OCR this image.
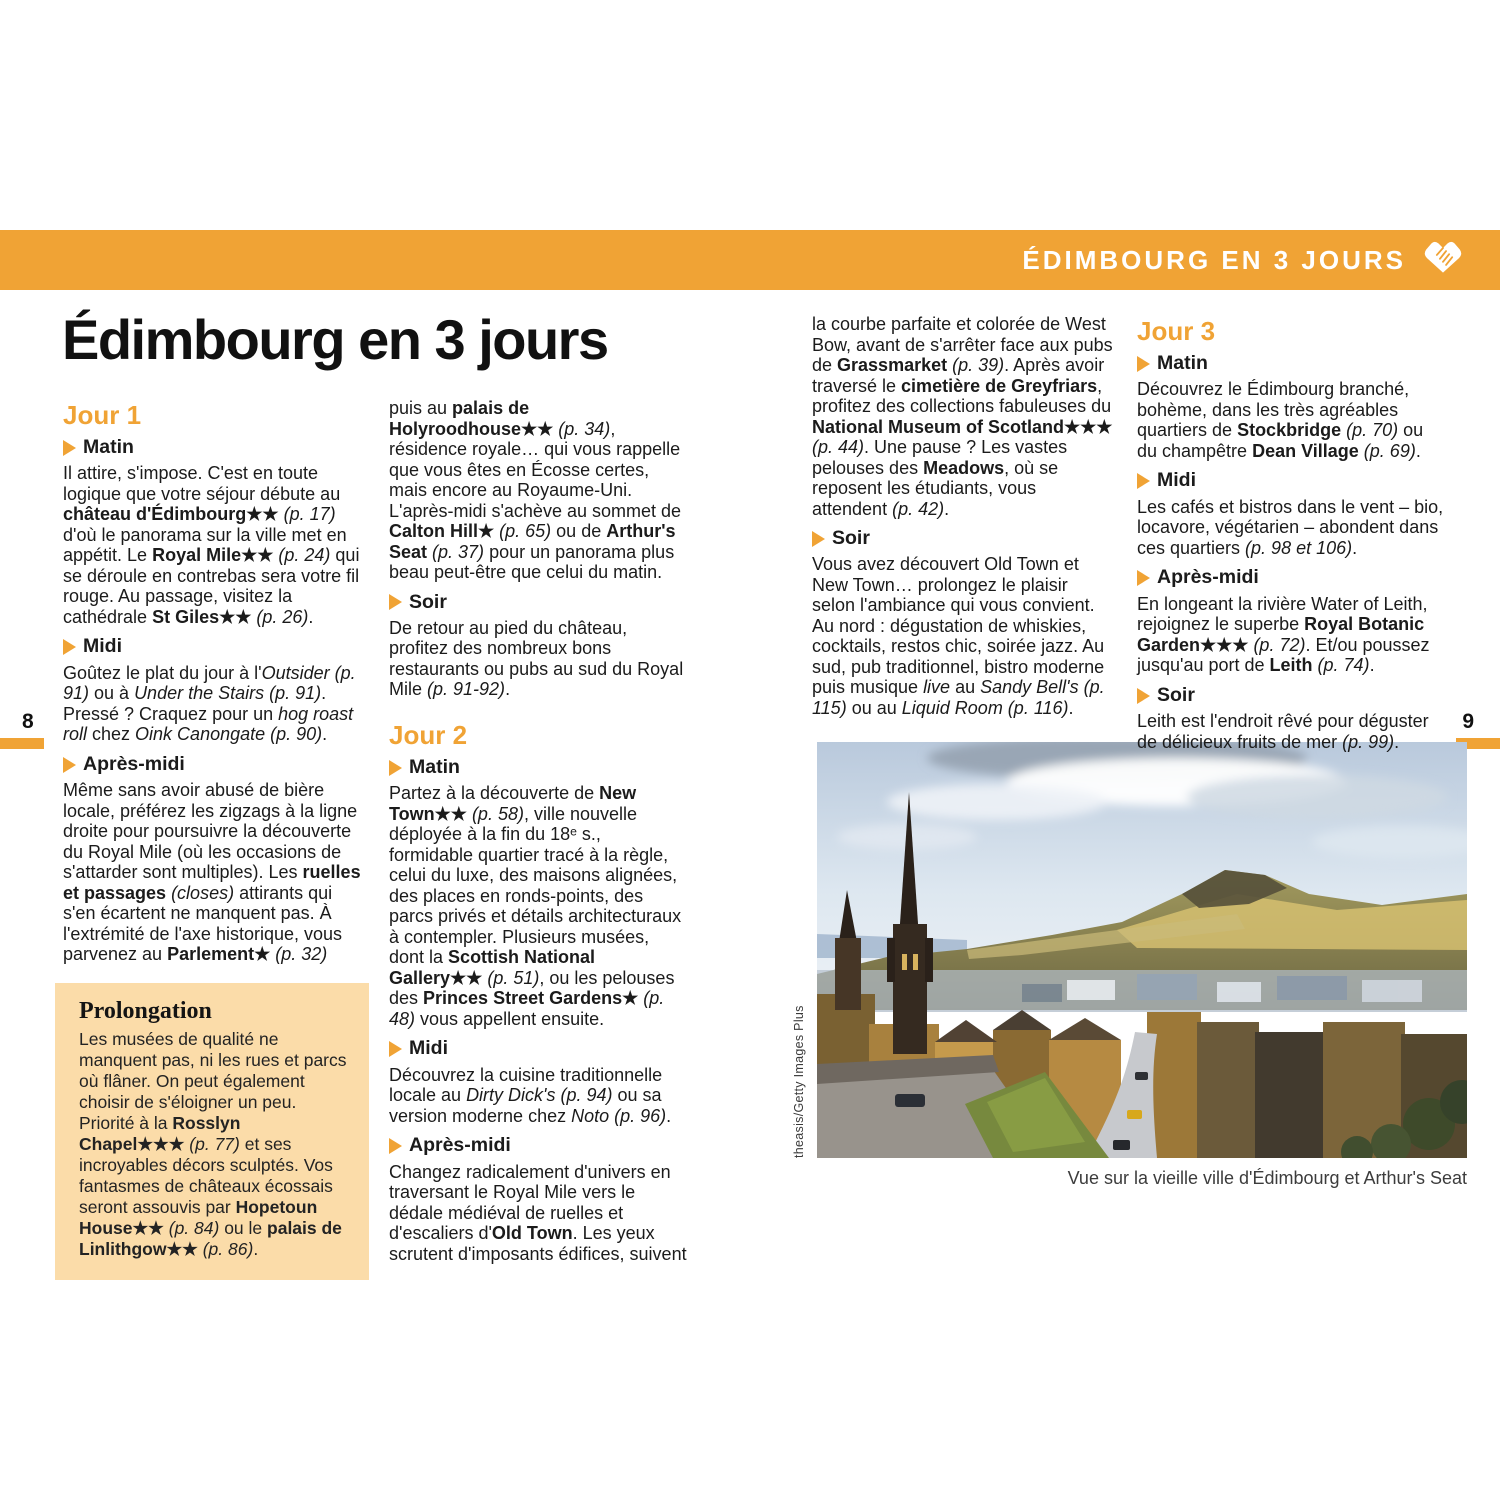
ÉDIMBOURG EN 3 JOURS
Édimbourg en 3 jours
Jour 1
Matin

Il attire, s'impose. C'est en toute logique que votre séjour débute au château d'Édimbourg★★ (p. 17) d'où le panorama sur la ville met en appétit. Le Royal Mile★★ (p. 24) qui se déroule en contrebas sera votre fil rouge. Au passage, visitez la cathédrale St Giles★★ (p. 26).

Midi

Goûtez le plat du jour à l'Outsider (p. 91) ou à Under the Stairs (p. 91). Pressé ? Craquez pour un hog roast roll chez Oink Canongate (p. 90).

Après-midi

Même sans avoir abusé de bière locale, préférez les zigzags à la ligne droite pour poursuivre la découverte du Royal Mile (où les occasions de s'attarder sont multiples). Les ruelles et passages (closes) attirants qui s'en écartent ne manquent pas. À l'extrémité de l'axe historique, vous parvenez au Parlement★ (p. 32)

Prolongation

Les musées de qualité ne manquent pas, ni les rues et parcs où flâner. On peut également choisir de s'éloigner un peu. Priorité à la Rosslyn Chapel★★★ (p. 77) et ses incroyables décors sculptés. Vos fantasmes de châteaux écossais seront assouvis par Hopetoun House★★ (p. 84) ou le palais de Linlithgow★★ (p. 86).

puis au palais de Holyroodhouse★★ (p. 34), résidence royale… qui vous rappelle que vous êtes en Écosse certes, mais encore au Royaume-Uni. L'après-midi s'achève au sommet de Calton Hill★ (p. 65) ou de Arthur's Seat (p. 37) pour un panorama plus beau peut-être que celui du matin.

Soir

De retour au pied du château, profitez des nombreux bons restaurants ou pubs au sud du Royal Mile (p. 91-92).

Jour 2
Matin

Partez à la découverte de New Town★★ (p. 58), ville nouvelle déployée à la fin du 18ᵉ s., formidable quartier tracé à la règle, celui du luxe, des maisons alignées, des places en ronds-points, des parcs privés et détails architecturaux à contempler. Plusieurs musées, dont la Scottish National Gallery★★ (p. 51), ou les pelouses des Princes Street Gardens★ (p. 48) vous appellent ensuite.

Midi

Découvrez la cuisine traditionnelle locale au Dirty Dick's (p. 94) ou sa version moderne chez Noto (p. 96).

Après-midi

Changez radicalement d'univers en traversant le Royal Mile vers le dédale médiéval de ruelles et d'escaliers d'Old Town. Les yeux scrutent d'imposants édifices, suivent

la courbe parfaite et colorée de West Bow, avant de s'arrêter face aux pubs de Grassmarket (p. 39). Après avoir traversé le cimetière de Greyfriars, profitez des collections fabuleuses du National Museum of Scotland★★★ (p. 44). Une pause ? Les vastes pelouses des Meadows, où se reposent les étudiants, vous attendent (p. 42).

Soir

Vous avez découvert Old Town et New Town… prolongez le plaisir selon l'ambiance qui vous convient. Au nord : dégustation de whiskies, cocktails, restos chic, soirée jazz. Au sud, pub traditionnel, bistro moderne puis musique live au Sandy Bell's (p. 115) ou au Liquid Room (p. 116).

Jour 3
Matin

Découvrez le Édimbourg branché, bohème, dans les très agréables quartiers de Stockbridge (p. 70) ou du champêtre Dean Village (p. 69).

Midi

Les cafés et bistros dans le vent – bio, locavore, végétarien – abondent dans ces quartiers (p. 98 et 106).

Après-midi

En longeant la rivière Water of Leith, rejoignez le superbe Royal Botanic Garden★★★ (p. 72). Et/ou poussez jusqu'au port de Leith (p. 74).

Soir

Leith est l'endroit rêvé pour déguster de délicieux fruits de mer (p. 99).

8	9
theasis/Getty Images Plus
Vue sur la vieille ville d'Édimbourg et Arthur's Seat
